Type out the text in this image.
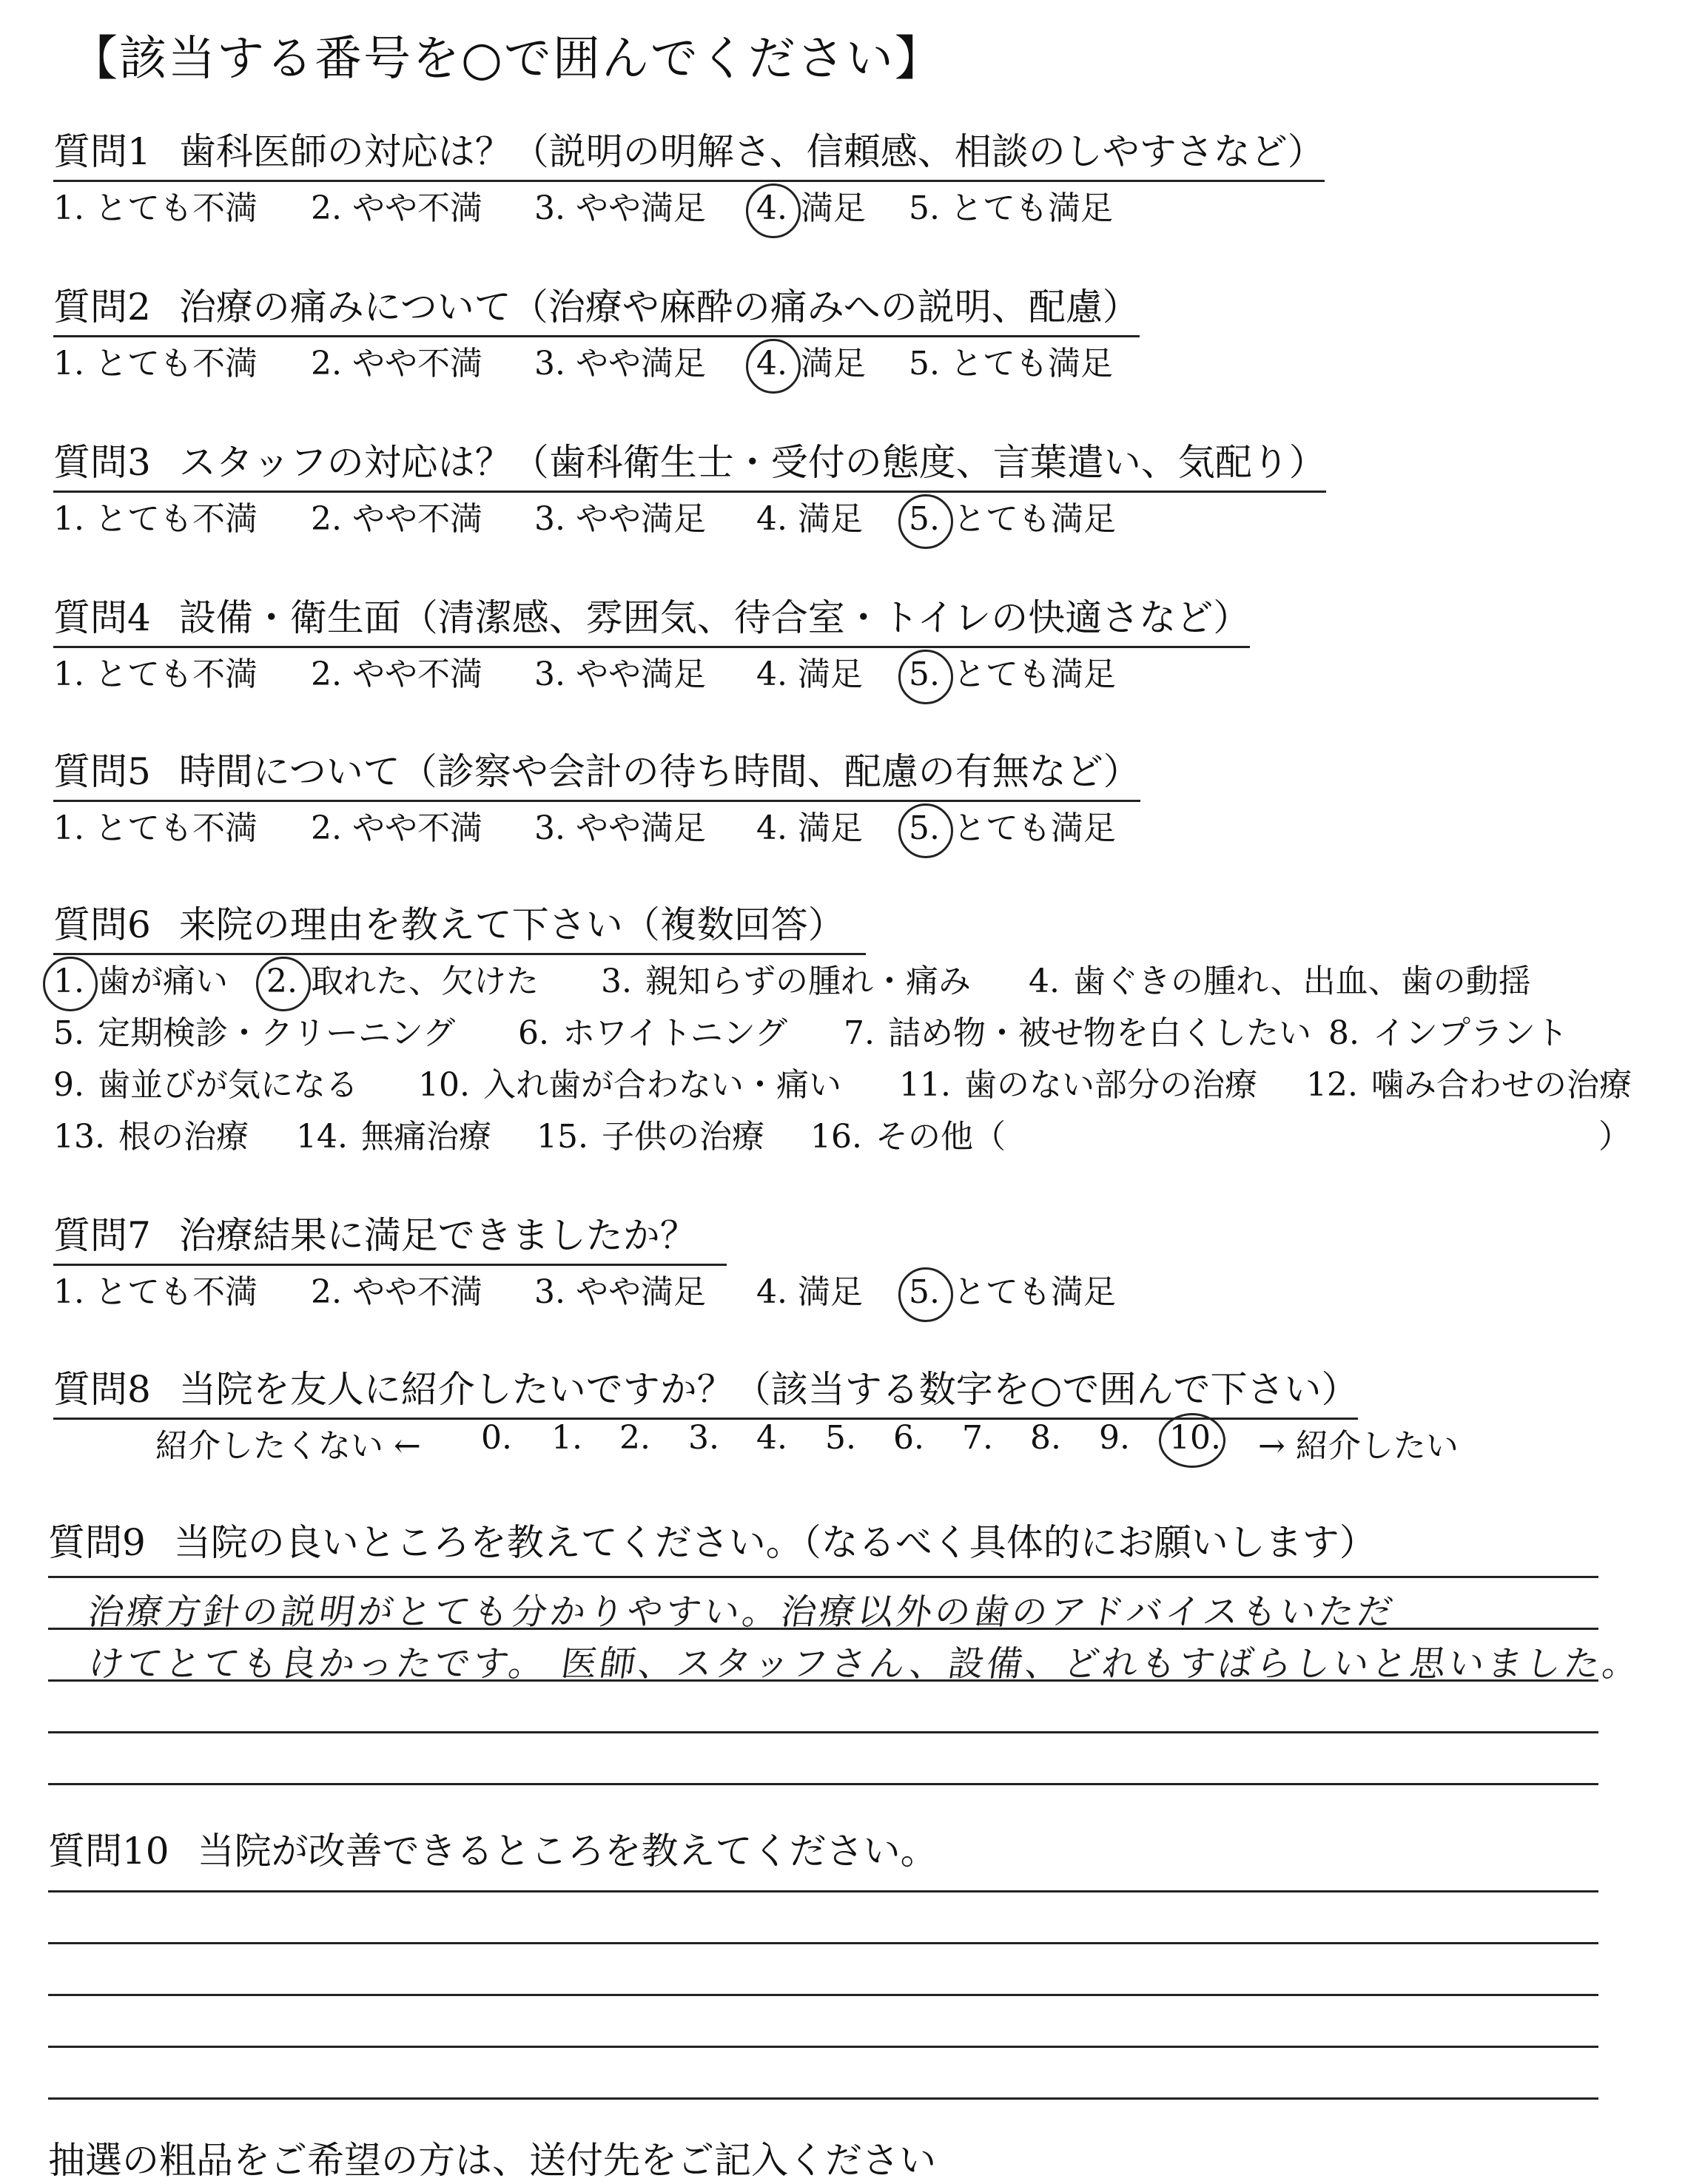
【該当する番号を○で囲んでください】
質問1 歯科医師の対応は？（説明の明解さ、信頼感、相談のしやすさなど）
1. とても不満 2. やや不満 3. やや満足 4. 満足 5. とても満足
質問2 治療の痛みについて（治療や麻酔の痛みへの説明、配慮）
1. とても不満 2. やや不満 3. やや満足 4. 満足 5. とても満足
質問3 スタッフの対応は？（歯科衛生士・受付の態度、言葉遣い、気配り）
1. とても不満 2. やや不満 3. やや満足 4. 満足 5. とても満足
質問4 設備・衛生面（清潔感、雰囲気、待合室・トイレの快適さなど）
1. とても不満 2. やや不満 3. やや満足 4. 満足 5. とても満足
質問5 時間について（診察や会計の待ち時間、配慮の有無など）
1. とても不満 2. やや不満 3. やや満足 4. 満足 5. とても満足
質問6 来院の理由を教えて下さい（複数回答）
1. 歯が痛い 2. 取れた、欠けた 3. 親知らずの腫れ・痛み 4. 歯ぐきの腫れ、出血、歯の動揺
5. 定期検診・クリーニング 6. ホワイトニング 7. 詰め物・被せ物を白くしたい 8. インプラント
9. 歯並びが気になる 10. 入れ歯が合わない・痛い 11. 歯のない部分の治療 12. 噛み合わせの治療
13. 根の治療 14. 無痛治療 15. 子供の治療 16. その他（	）
質問7 治療結果に満足できましたか？
1. とても不満 2. やや不満 3. やや満足 4. 満足 5. とても満足
質問8 当院を友人に紹介したいですか？（該当する数字を○で囲んで下さい）
紹介したくない ← 0. 1. 2. 3. 4. 5. 6. 7. 8. 9. 10. → 紹介したい
質問9 当院の良いところを教えてください。（なるべく具体的にお願いします）
治療方針の説明がとても分かりやすい。治療以外の歯のアドバイスもいただ
けてとても良かったです。 医師、スタッフさん、設備、どれもすばらしいと思いました。
質問10 当院が改善できるところを教えてください。
抽選の粗品をご希望の方は、送付先をご記入ください
